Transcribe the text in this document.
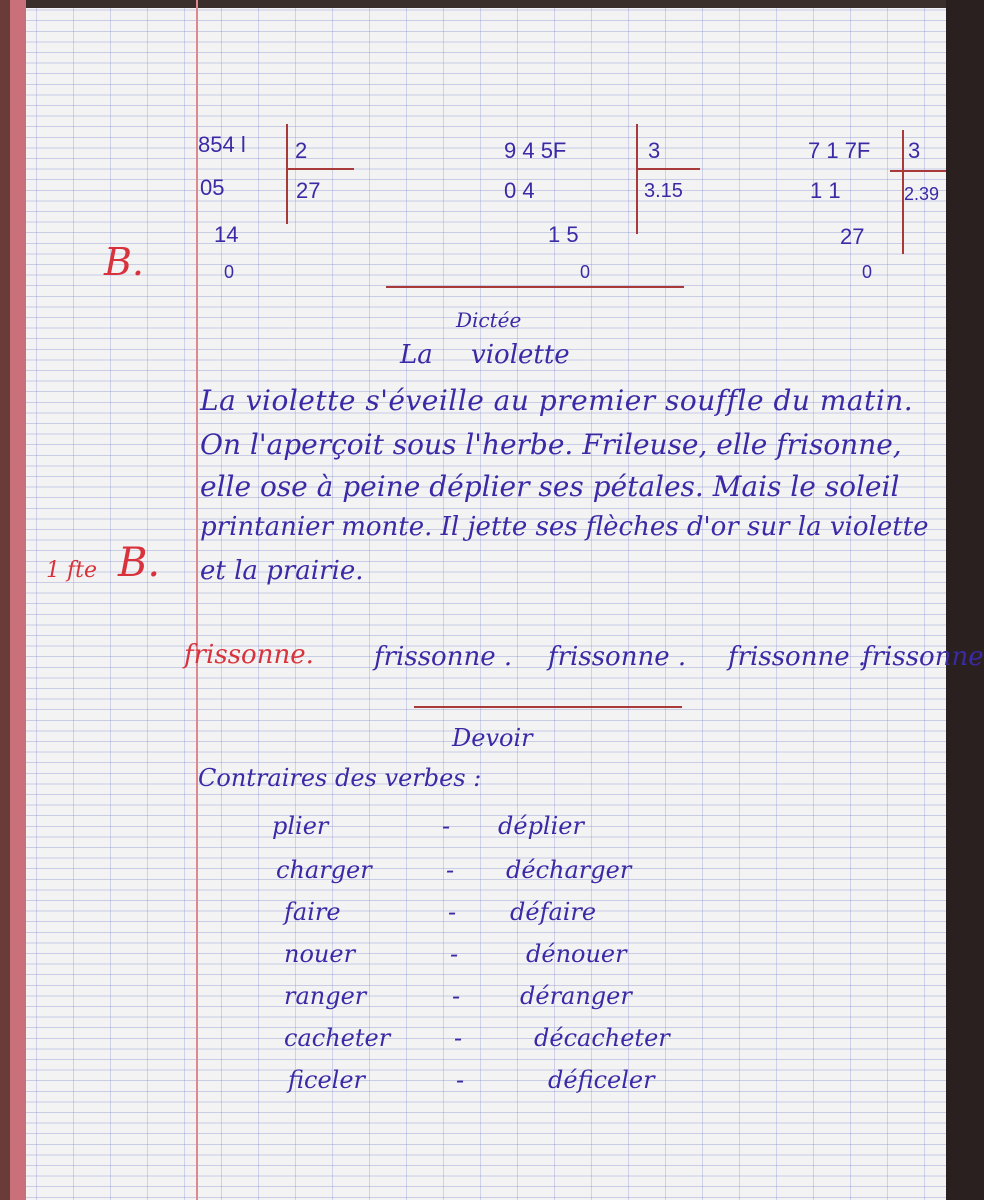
854 l 2
05	27
14
0
9 4 5F	3
0 4	3.15
1 5
0
7 1 7F 3
1 1	2.39
27
0
B.
Dictée
La violette
La violette s'éveille au premier souffle du matin.
On l'aperçoit sous l'herbe. Frileuse, elle frisonne,
elle ose à peine déplier ses pétales. Mais le soleil
printanier monte. Il jette ses flèches d'or sur la violette
et la prairie.
1 fte B.
frissonne. frissonne . frissonne . frissonne .
frissonne
Devoir
Contraires des verbes :
plier	- déplier
charger	- décharger
faire	- défaire
nouer	-	dénouer
ranger	- déranger
cacheter	-	décacheter
ficeler	-	déficeler
